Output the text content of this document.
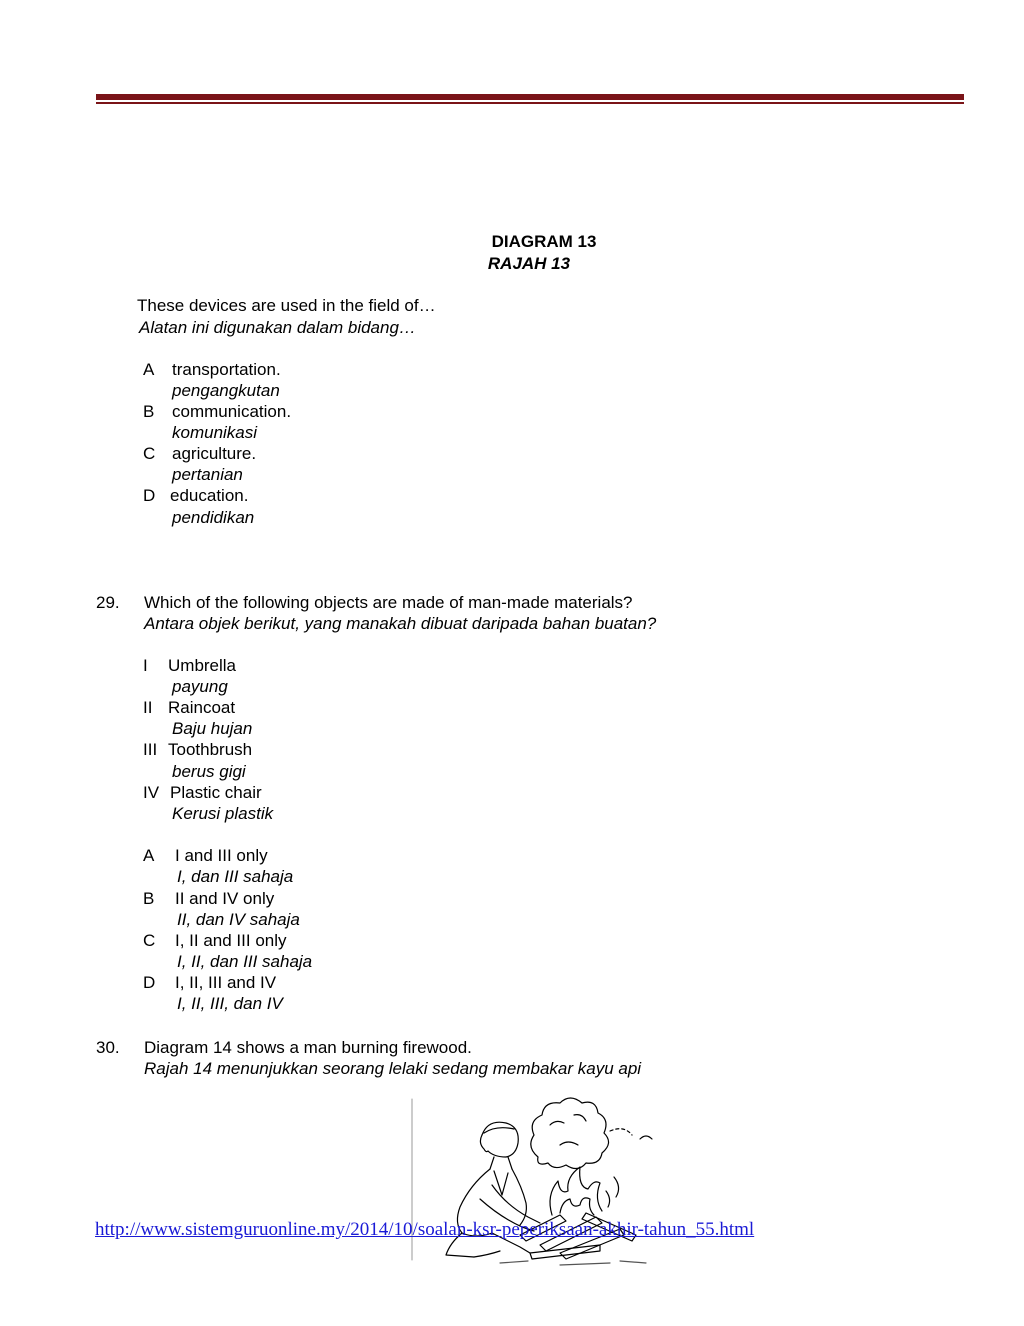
DIAGRAM 13
RAJAH 13
These devices are used in the field of…
Alatan ini digunakan dalam bidang…
A transportation.
pengangkutan
B communication.
komunikasi
C agriculture.
pertanian
D education.
pendidikan
29. Which of the following objects are made of man-made materials?
Antara objek berikut, yang manakah dibuat daripada bahan buatan?
I Umbrella
payung
II Raincoat
Baju hujan
III Toothbrush
berus gigi
IV Plastic chair
Kerusi plastik
A I and III only
I, dan III sahaja
B II and IV only
II, dan IV sahaja
C I, II and III only
I, II, dan III sahaja
D I, II, III and IV
I, II, III, dan IV
30. Diagram 14 shows a man burning firewood.
Rajah 14 menunjukkan seorang lelaki sedang membakar kayu api
http://www.sistemguruonline.my/2014/10/soalan-ksr-peperiksaan-akhir-tahun_55.html
